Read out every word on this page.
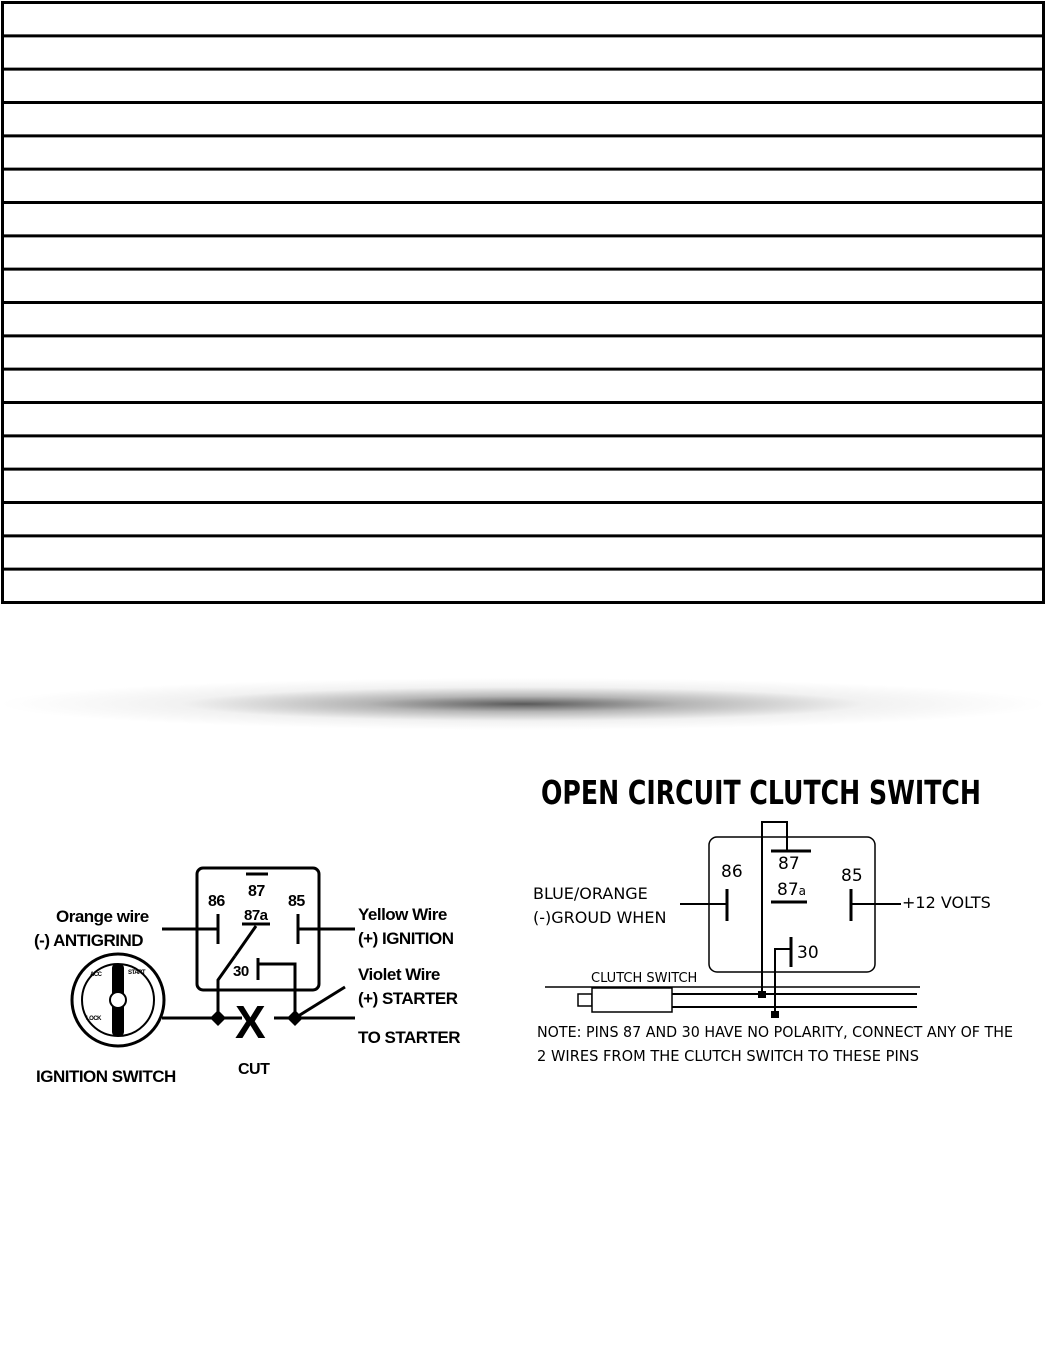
86
87
87a
85
30
X
CUT
ACC	START
LOCK
Orange wire
(-) ANTIGRIND
Yellow Wire
(+) IGNITION
Violet Wire
(+) STARTER
TO STARTER
IGNITION SWITCH
OPEN CIRCUIT CLUTCH SWITCH
86 87
87a
85
30
BLUE/ORANGE
(-)GROUD WHEN
+12 VOLTS
CLUTCH SWITCH
NOTE: PINS 87 AND 30 HAVE NO POLARITY, CONNECT ANY OF THE
2 WIRES FROM THE CLUTCH SWITCH TO THESE PINS
